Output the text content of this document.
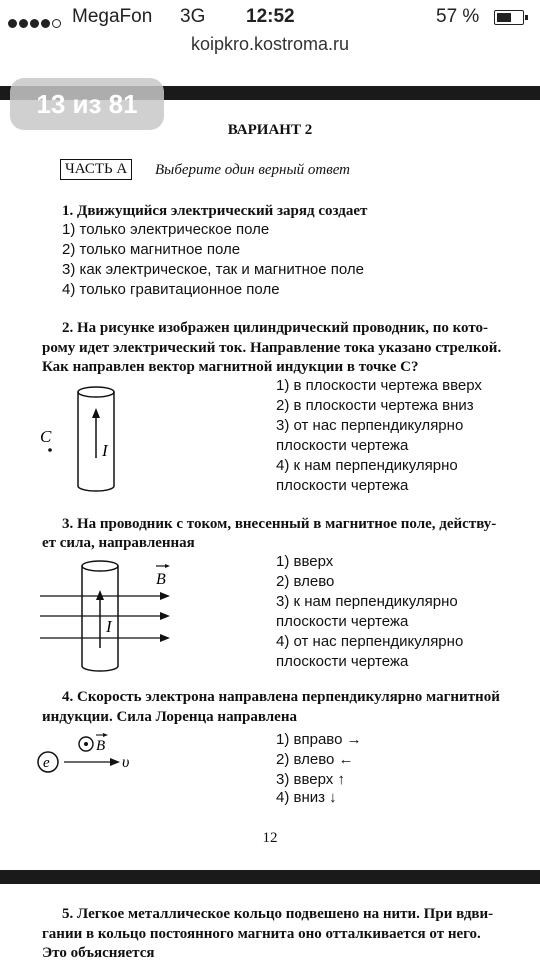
MegaFon 3G 12:52	57 %
koipkro.kostroma.ru
13 из 81
ВАРИАНТ 2
ЧАСТЬ А	Выберите один верный ответ
1. Движущийся электрический заряд создает
1) только электрическое поле
2) только магнитное поле
3) как электрическое, так и магнитное поле
4) только гравитационное поле
2. На рисунке изображен цилиндрический проводник, по кото-
рому идет электрический ток. Направление тока указано стрелкой.
Как направлен вектор магнитной индукции в точке С?
I
C
1) в плоскости чертежа вверх
2) в плоскости чертежа вниз
3) от нас перпендикулярно
плоскости чертежа
4) к нам перпендикулярно
плоскости чертежа
3. На проводник с током, внесенный в магнитное поле, действу-
ет сила, направленная
I
B
1) вверх
2) влево
3) к нам перпендикулярно
плоскости чертежа
4) от нас перпендикулярно
плоскости чертежа
4. Скорость электрона направлена перпендикулярно магнитной
индукции. Сила Лоренца направлена
e	υ
B	1) вправо →
2) влево ←
3) вверх ↑
4) вниз ↓
12
5. Легкое металлическое кольцо подвешено на нити. При вдви-
гании в кольцо постоянного магнита оно отталкивается от него.
Это объясняется
